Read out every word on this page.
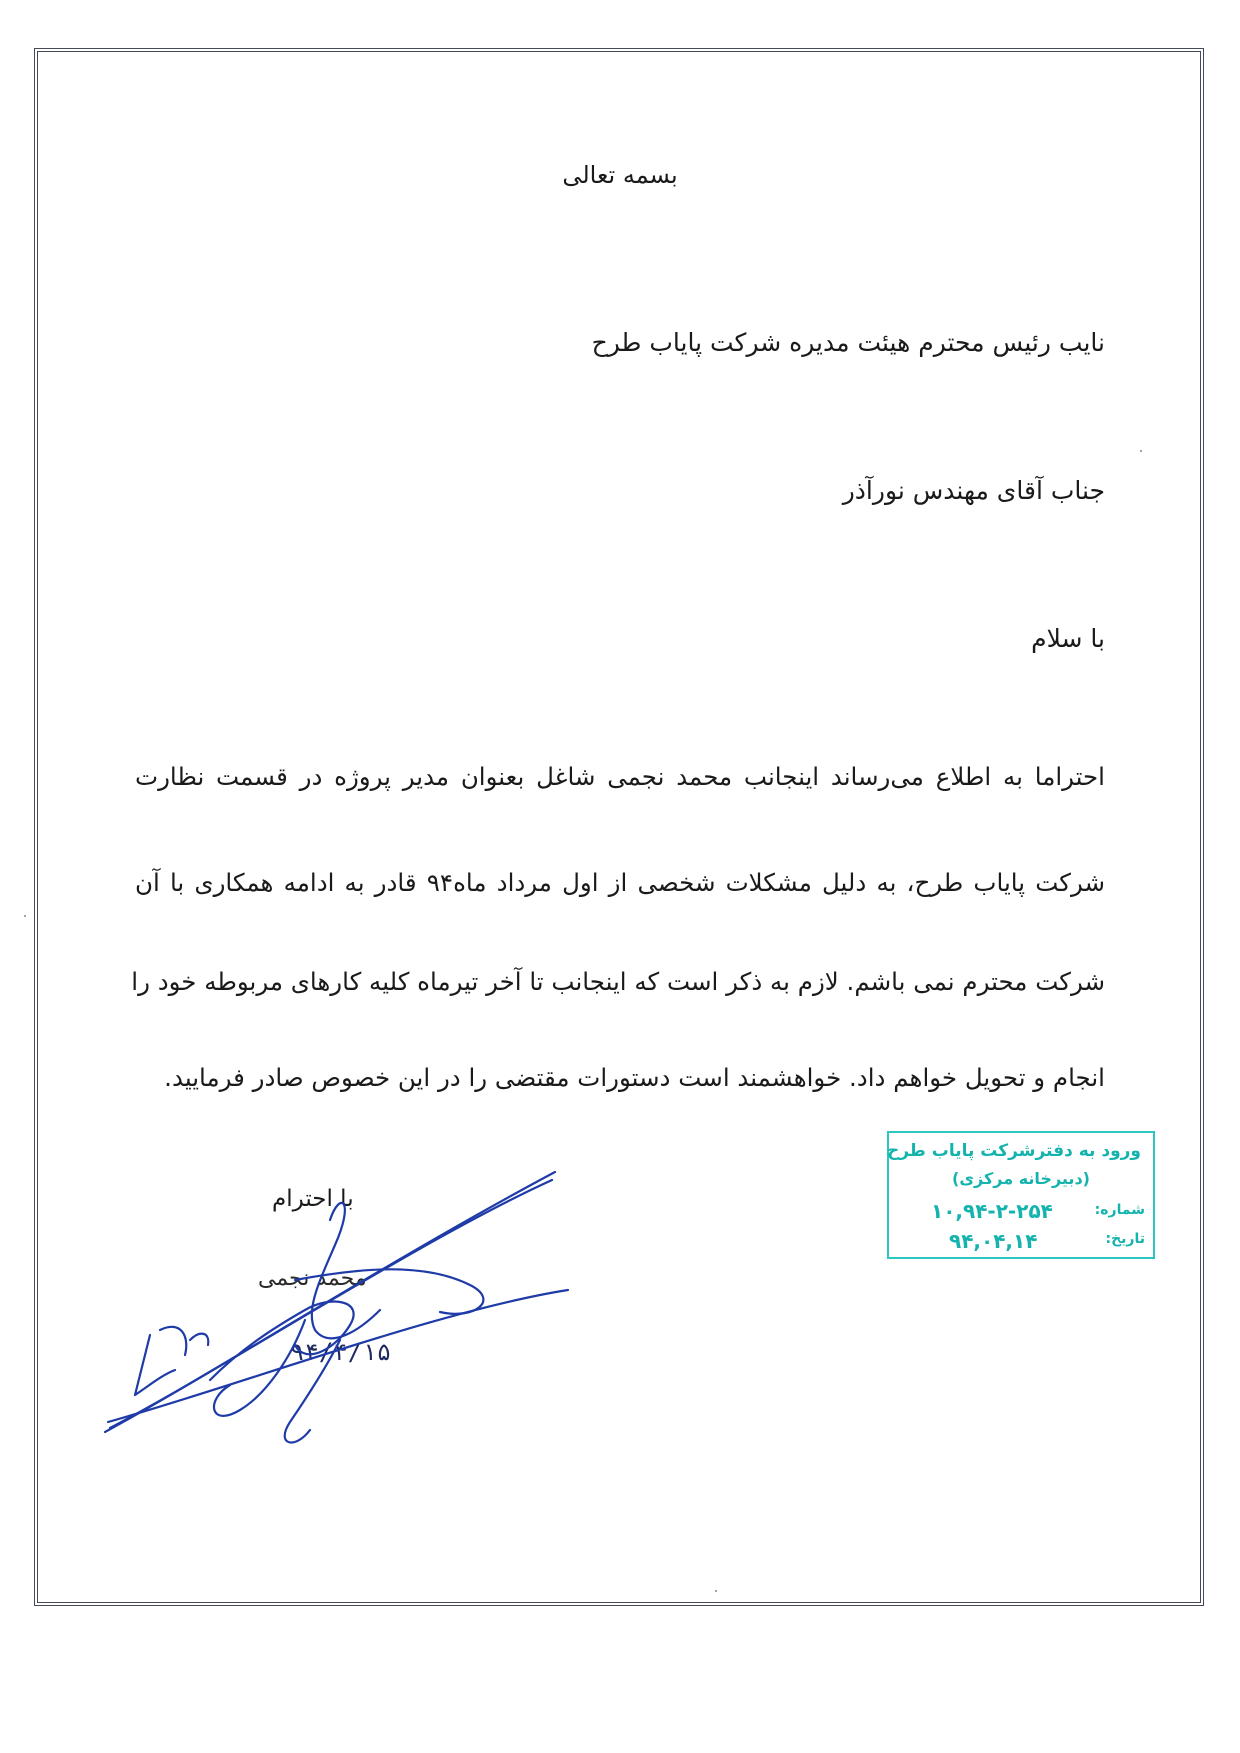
بسمه تعالی
نایب رئیس محترم هیئت مدیره شرکت پایاب طرح
جناب آقای مهندس نورآذر
با سلام
احتراما به اطلاع می‌رساند اینجانب محمد نجمی شاغل بعنوان مدیر پروژه در قسمت نظارت
شرکت پایاب طرح، به دلیل مشکلات شخصی از اول مرداد ماه۹۴ قادر به ادامه همکاری با آن
شرکت محترم نمی باشم. لازم به ذکر است که اینجانب تا آخر تیرماه کلیه کارهای مربوطه خود را
انجام و تحویل خواهم داد. خواهشمند است دستورات مقتضی را در این خصوص صادر فرمایید.
با احترام
محمد نجمی
۹۴/۴/۱۵
ورود به دفترشرکت پایاب طرح
(دبیرخانه مرکزی)
شماره:
۱۰,۹۴-۲-۲۵۴
تاریخ:
۹۴,۰۴,۱۴
